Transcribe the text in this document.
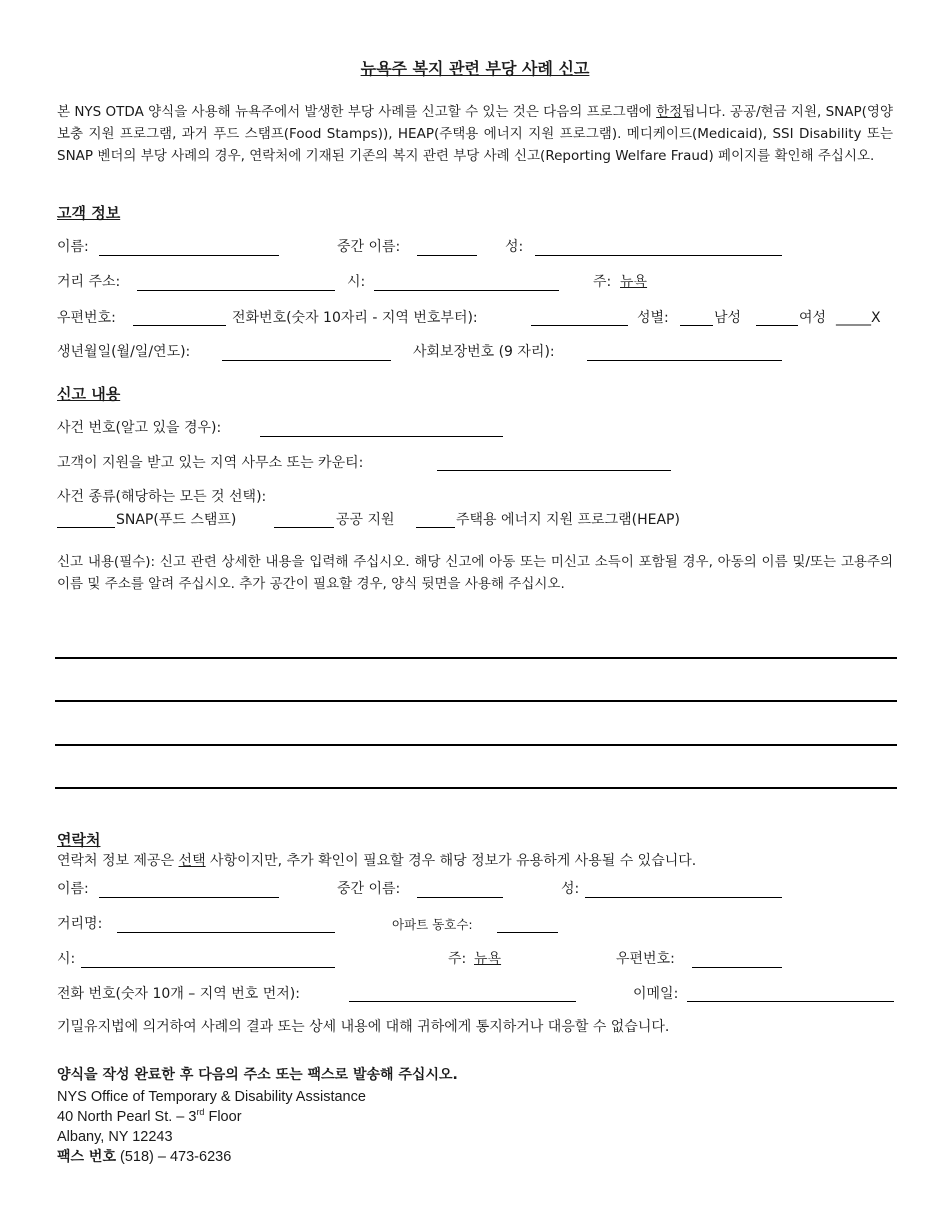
뉴욕주 복지 관련 부당 사례 신고
본 NYS OTDA 양식을 사용해 뉴욕주에서 발생한 부당 사례를 신고할 수 있는 것은 다음의 프로그램에 한정됩니다. 공공/현금 지원, SNAP(영양 보충 지원 프로그램, 과거 푸드 스탬프(Food Stamps)), HEAP(주택용 에너지 지원 프로그램). 메디케이드(Medicaid), SSI Disability 또는 SNAP 벤더의 부당 사례의 경우, 연락처에 기재된 기존의 복지 관련 부당 사례 신고(Reporting Welfare Fraud) 페이지를 확인해 주십시오.
고객 정보
이름:	중간 이름:	성:
거리 주소:	시:	주: 뉴욕
우편번호:	전화번호(숫자 10자리 - 지역 번호부터):	성별:	남성	여성 _____X
생년월일(월/일/연도):	사회보장번호 (9 자리):
신고 내용
사건 번호(알고 있을 경우):
고객이 지원을 받고 있는 지역 사무소 또는 카운티:
사건 종류(해당하는 모든 것 선택):
SNAP(푸드 스탬프)	공공 지원	주택용 에너지 지원 프로그램(HEAP)
신고 내용(필수): 신고 관련 상세한 내용을 입력해 주십시오. 해당 신고에 아동 또는 미신고 소득이 포함될 경우, 아동의 이름 및/또는 고용주의 이름 및 주소를 알려 주십시오. 추가 공간이 필요할 경우, 양식 뒷면을 사용해 주십시오.
연락처
연락처 정보 제공은 선택 사항이지만, 추가 확인이 필요할 경우 해당 정보가 유용하게 사용될 수 있습니다.
이름:	중간 이름:	성:
거리명:	아파트 동호수:
시:	주: 뉴욕	우편번호:
전화 번호(숫자 10개 – 지역 번호 먼저):	이메일:
기밀유지법에 의거하여 사례의 결과 또는 상세 내용에 대해 귀하에게 통지하거나 대응할 수 없습니다.
양식을 작성 완료한 후 다음의 주소 또는 팩스로 발송해 주십시오.
NYS Office of Temporary & Disability Assistance
40 North Pearl St. – 3rd Floor
Albany, NY 12243
팩스 번호 (518) – 473-6236
